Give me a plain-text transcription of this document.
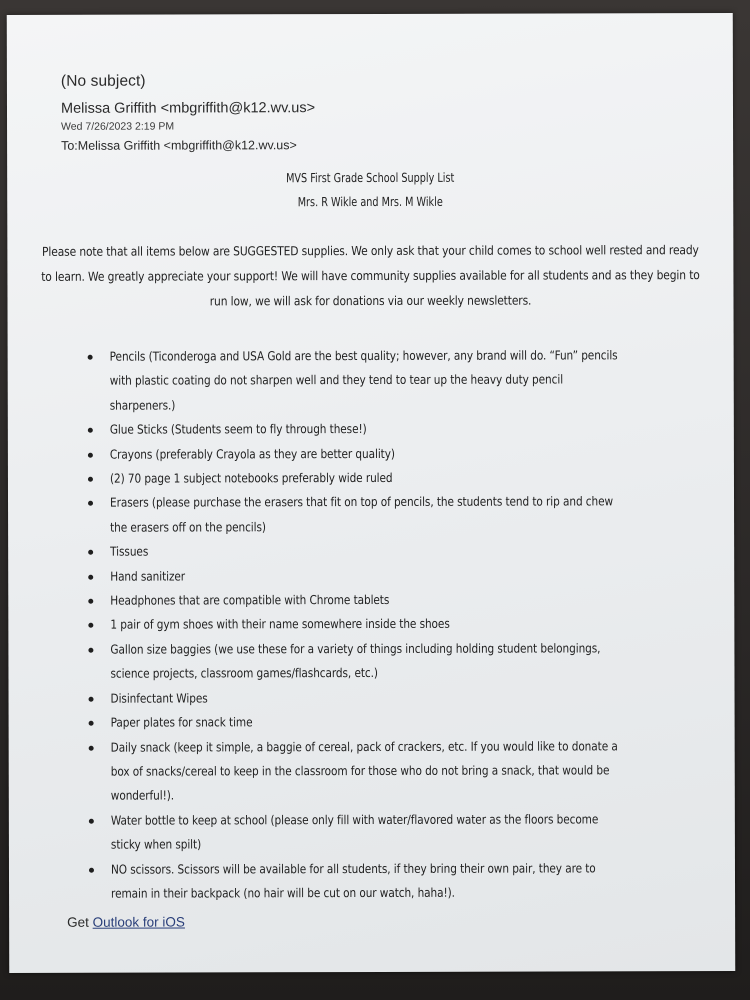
(No subject)
Melissa Griffith <mbgriffith@k12.wv.us>
Wed 7/26/2023 2:19 PM
To:Melissa Griffith <mbgriffith@k12.wv.us>
MVS First Grade School Supply List
Mrs. R Wikle and Mrs. M Wikle
Please note that all items below are SUGGESTED supplies. We only ask that your child comes to school well rested and ready to learn. We greatly appreciate your support! We will have community supplies available for all students and as they begin to run low, we will ask for donations via our weekly newsletters.
Pencils (Ticonderoga and USA Gold are the best quality; however, any brand will do. “Fun” pencils with plastic coating do not sharpen well and they tend to tear up the heavy duty pencil sharpeners.)
Glue Sticks (Students seem to fly through these!)
Crayons (preferably Crayola as they are better quality)
(2) 70 page 1 subject notebooks preferably wide ruled
Erasers (please purchase the erasers that fit on top of pencils, the students tend to rip and chew the erasers off on the pencils)
Tissues
Hand sanitizer
Headphones that are compatible with Chrome tablets
1 pair of gym shoes with their name somewhere inside the shoes
Gallon size baggies (we use these for a variety of things including holding student belongings, science projects, classroom games/flashcards, etc.)
Disinfectant Wipes
Paper plates for snack time
Daily snack (keep it simple, a baggie of cereal, pack of crackers, etc. If you would like to donate a box of snacks/cereal to keep in the classroom for those who do not bring a snack, that would be wonderful!).
Water bottle to keep at school (please only fill with water/flavored water as the floors become sticky when spilt)
NO scissors. Scissors will be available for all students, if they bring their own pair, they are to remain in their backpack (no hair will be cut on our watch, haha!).
Get Outlook for iOS
